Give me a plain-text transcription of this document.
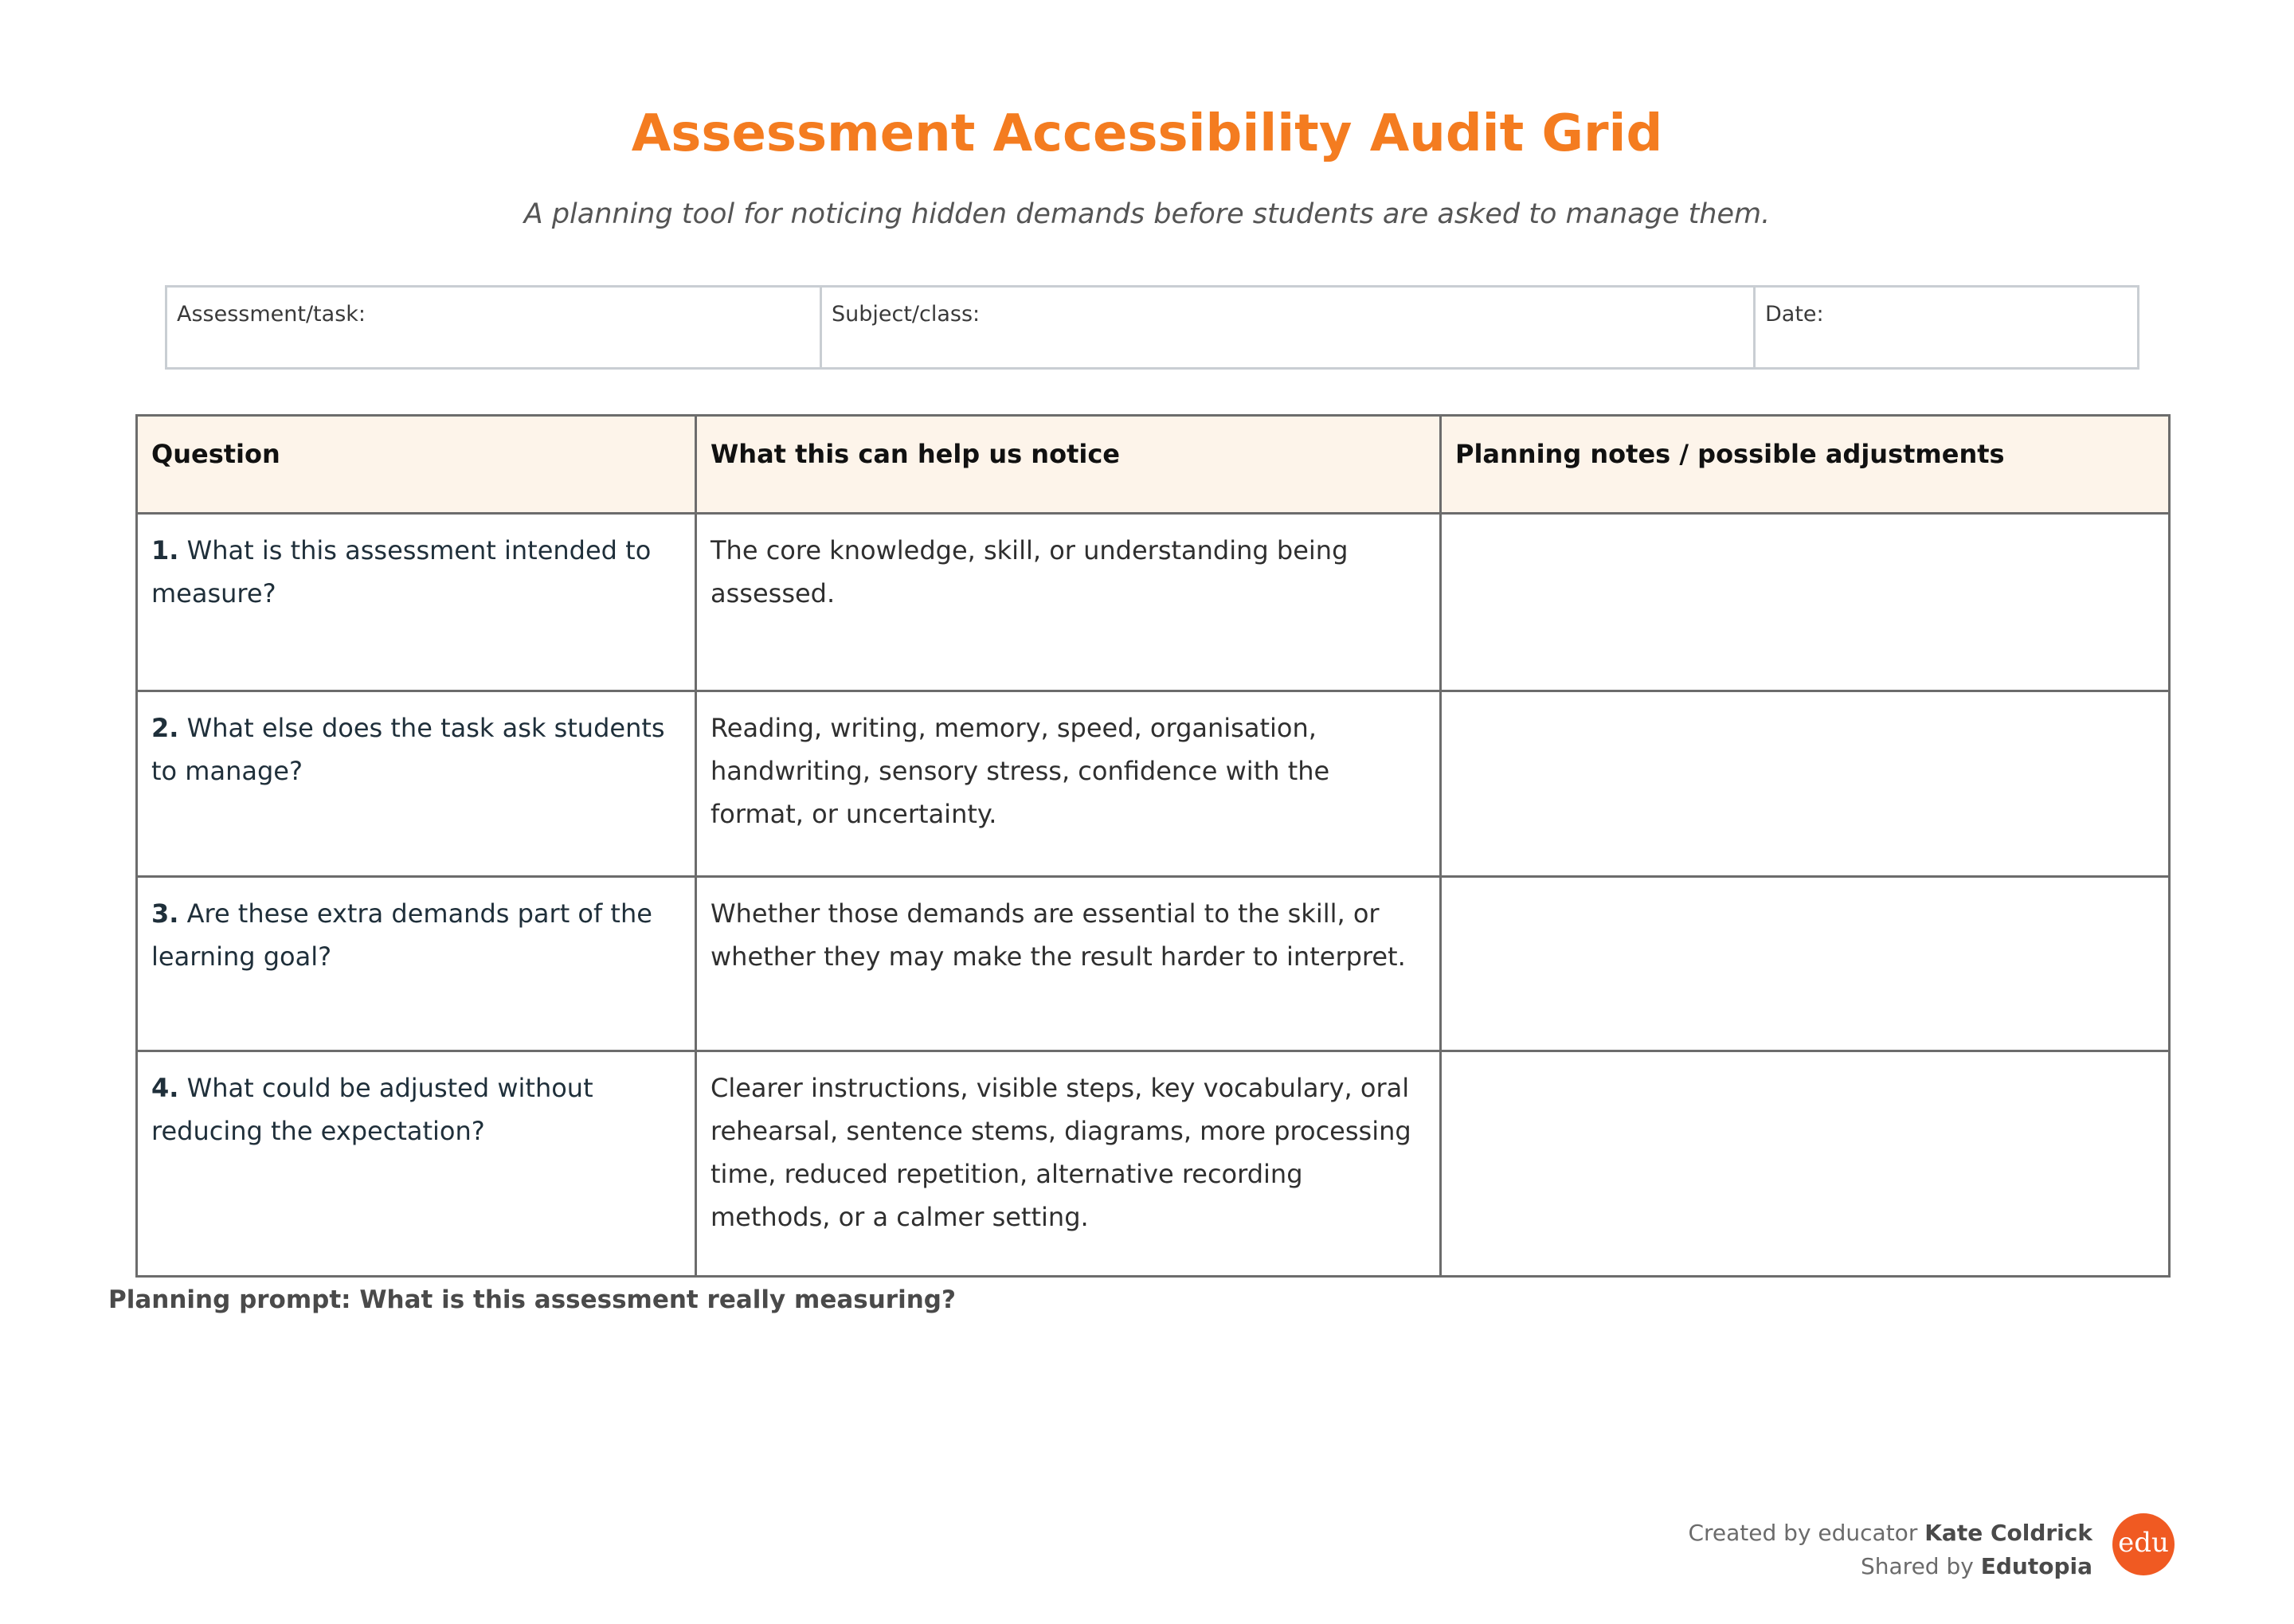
Assessment Accessibility Audit Grid

A planning tool for noticing hidden demands before students are asked to manage them.

Assessment/task:	Subject/class:	Date:
Question	What this can help us notice	Planning notes / possible adjustments
1. What is this assessment intended to measure?	The core knowledge, skill, or understanding being assessed.	
2. What else does the task ask students to manage?	Reading, writing, memory, speed, organisation, handwriting, sensory stress, confidence with the format, or uncertainty.	
3. Are these extra demands part of the learning goal?	Whether those demands are essential to the skill, or whether they may make the result harder to interpret.	
4. What could be adjusted without reducing the expectation?	Clearer instructions, visible steps, key vocabulary, oral rehearsal, sentence stems, diagrams, more processing time, reduced repetition, alternative recording methods, or a calmer setting.	

Planning prompt: What is this assessment really measuring?

Created by educator Kate Coldrick
Shared by Edutopia
edu
